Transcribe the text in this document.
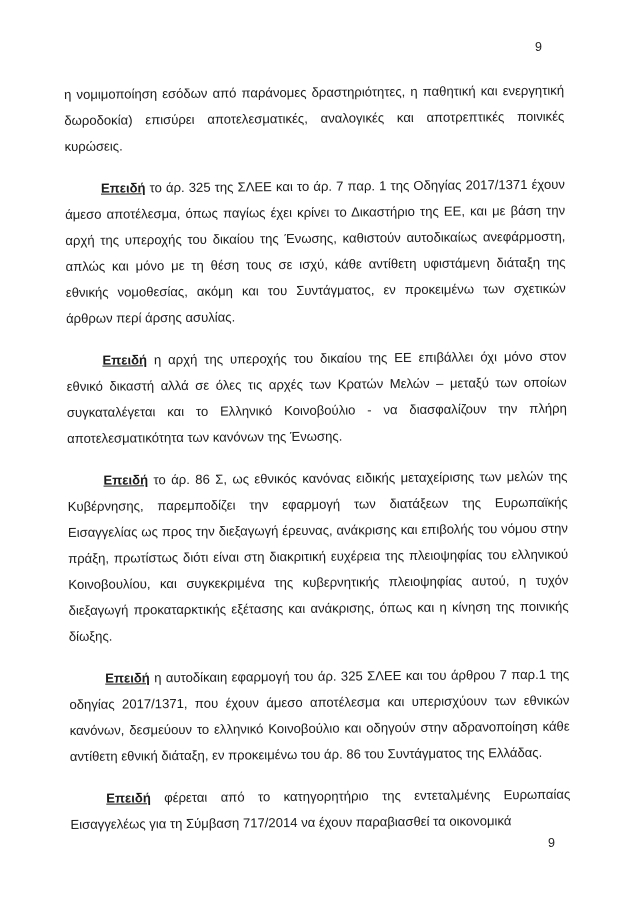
9

η νομιμοποίηση εσόδων από παράνομες δραστηριότητες, η παθητική και ενεργητική δωροδοκία) επισύρει αποτελεσματικές, αναλογικές και αποτρεπτικές ποινικές κυρώσεις.

Επειδή το άρ. 325 της ΣΛΕΕ και το άρ. 7 παρ. 1 της Οδηγίας 2017/1371 έχουν άμεσο αποτέλεσμα, όπως παγίως έχει κρίνει το Δικαστήριο της ΕΕ, και με βάση την αρχή της υπεροχής του δικαίου της Ένωσης, καθιστούν αυτοδικαίως ανεφάρμοστη, απλώς και μόνο με τη θέση τους σε ισχύ, κάθε αντίθετη υφιστάμενη διάταξη της εθνικής νομοθεσίας, ακόμη και του Συντάγματος, εν προκειμένω των σχετικών άρθρων περί άρσης ασυλίας.

Επειδή η αρχή της υπεροχής του δικαίου της ΕΕ επιβάλλει όχι μόνο στον εθνικό δικαστή αλλά σε όλες τις αρχές των Κρατών Μελών – μεταξύ των οποίων συγκαταλέγεται και το Ελληνικό Κοινοβούλιο - να διασφαλίζουν την πλήρη αποτελεσματικότητα των κανόνων της Ένωσης.

Επειδή το άρ. 86 Σ, ως εθνικός κανόνας ειδικής μεταχείρισης των μελών της Κυβέρνησης, παρεμποδίζει την εφαρμογή των διατάξεων της Ευρωπαϊκής Εισαγγελίας ως προς την διεξαγωγή έρευνας, ανάκρισης και επιβολής του νόμου στην πράξη, πρωτίστως διότι είναι στη διακριτική ευχέρεια της πλειοψηφίας του ελληνικού Κοινοβουλίου, και συγκεκριμένα της κυβερνητικής πλειοψηφίας αυτού, η τυχόν διεξαγωγή προκαταρκτικής εξέτασης και ανάκρισης, όπως και η κίνηση της ποινικής δίωξης.

Επειδή η αυτοδίκαιη εφαρμογή του άρ. 325 ΣΛΕΕ και του άρθρου 7 παρ.1 της οδηγίας 2017/1371, που έχουν άμεσο αποτέλεσμα και υπερισχύουν των εθνικών κανόνων, δεσμεύουν το ελληνικό Κοινοβούλιο και οδηγούν στην αδρανοποίηση κάθε αντίθετη εθνική διάταξη, εν προκειμένω του άρ. 86 του Συντάγματος της Ελλάδας.

Επειδή φέρεται από το κατηγορητήριο της εντεταλμένης Ευρωπαίας Εισαγγελέως για τη Σύμβαση 717/2014 να έχουν παραβιασθεί τα οικονομικά

9
